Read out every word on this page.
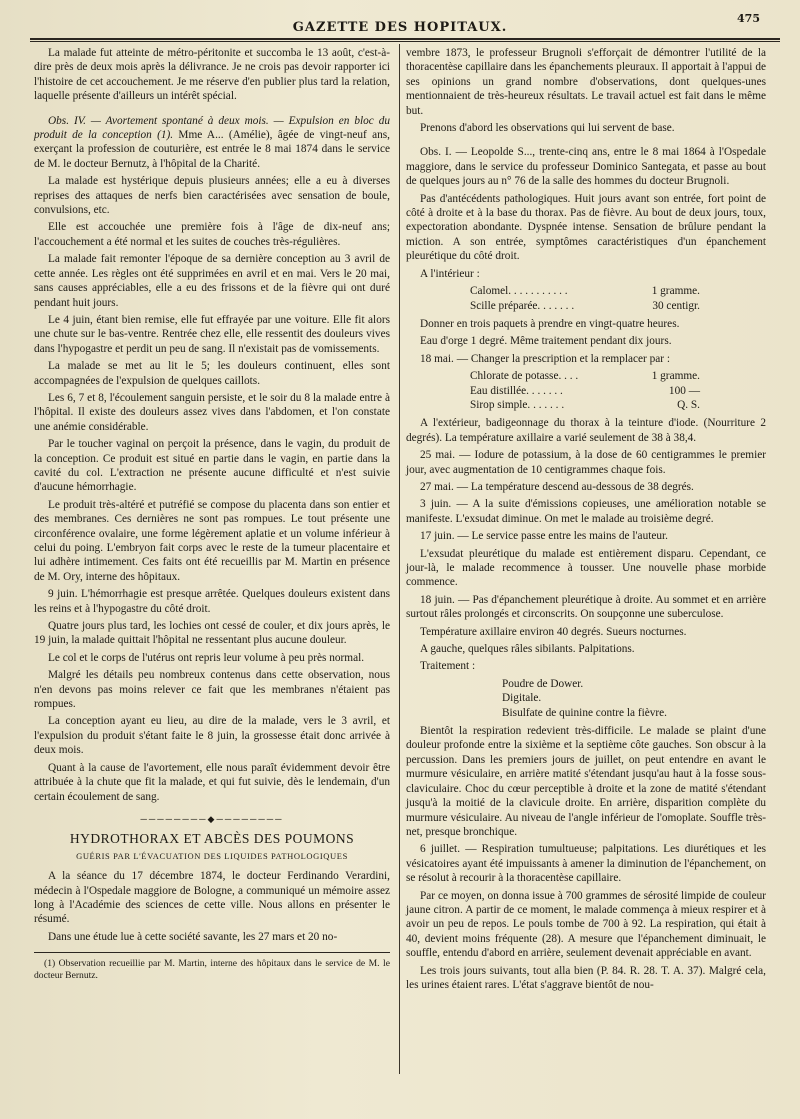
GAZETTE DES HOPITAUX.
475

La malade fut atteinte de métro-péritonite et succomba le 13 août, c'est-à-dire près de deux mois après la délivrance. Je ne crois pas devoir rapporter ici l'histoire de cet accouchement. Je me réserve d'en publier plus tard la relation, laquelle présente d'ailleurs un intérêt spécial.

Obs. IV. — Avortement spontané à deux mois. — Expulsion en bloc du produit de la conception (1). Mme A... (Amélie), âgée de vingt-neuf ans, exerçant la profession de couturière, est entrée le 8 mai 1874 dans le service de M. le docteur Bernutz, à l'hôpital de la Charité.

La malade est hystérique depuis plusieurs années; elle a eu à diverses reprises des attaques de nerfs bien caractérisées avec sensation de boule, convulsions, etc.

Elle est accouchée une première fois à l'âge de dix-neuf ans; l'accouchement a été normal et les suites de couches très-régulières.

La malade fait remonter l'époque de sa dernière conception au 3 avril de cette année. Les règles ont été supprimées en avril et en mai. Vers le 20 mai, sans causes appréciables, elle a eu des frissons et de la fièvre qui ont duré pendant huit jours.

Le 4 juin, étant bien remise, elle fut effrayée par une voiture. Elle fit alors une chute sur le bas-ventre. Rentrée chez elle, elle ressentit des douleurs vives dans l'hypogastre et perdit un peu de sang. Il n'existait pas de vomissements.

La malade se met au lit le 5; les douleurs continuent, elles sont accompagnées de l'expulsion de quelques caillots.

Les 6, 7 et 8, l'écoulement sanguin persiste, et le soir du 8 la malade entre à l'hôpital. Il existe des douleurs assez vives dans l'abdomen, et l'on constate une anémie considérable.

Par le toucher vaginal on perçoit la présence, dans le vagin, du produit de la conception. Ce produit est situé en partie dans le vagin, en partie dans la cavité du col. L'extraction ne présente aucune difficulté et n'est suivie d'aucune hémorrhagie.

Le produit très-altéré et putréfié se compose du placenta dans son entier et des membranes. Ces dernières ne sont pas rompues. Le tout présente une circonférence ovalaire, une forme légèrement aplatie et un volume inférieur à celui du poing. L'embryon fait corps avec le reste de la tumeur placentaire et lui adhère intimement. Ces faits ont été recueillis par M. Martin en présence de M. Ory, interne des hôpitaux.

9 juin. L'hémorrhagie est presque arrêtée. Quelques douleurs existent dans les reins et à l'hypogastre du côté droit.

Quatre jours plus tard, les lochies ont cessé de couler, et dix jours après, le 19 juin, la malade quittait l'hôpital ne ressentant plus aucune douleur.

Le col et le corps de l'utérus ont repris leur volume à peu près normal.

Malgré les détails peu nombreux contenus dans cette observation, nous n'en devons pas moins relever ce fait que les membranes n'étaient pas rompues.

La conception ayant eu lieu, au dire de la malade, vers le 3 avril, et l'expulsion du produit s'étant faite le 8 juin, la grossesse était donc arrivée à deux mois.

Quant à la cause de l'avortement, elle nous paraît évidemment devoir être attribuée à la chute que fit la malade, et qui fut suivie, dès le lendemain, d'un certain écoulement de sang.

────────◆────────
HYDROTHORAX ET ABCÈS DES POUMONS
GUÉRIS PAR L'ÉVACUATION DES LIQUIDES PATHOLOGIQUES

A la séance du 17 décembre 1874, le docteur Ferdinando Verardini, médecin à l'Ospedale maggiore de Bologne, a communiqué un mémoire assez long à l'Académie des sciences de cette ville. Nous allons en présenter le résumé.

Dans une étude lue à cette société savante, les 27 mars et 20 no-

(1) Observation recueillie par M. Martin, interne des hôpitaux dans le service de M. le docteur Bernutz.

vembre 1873, le professeur Brugnoli s'efforçait de démontrer l'utilité de la thoracentèse capillaire dans les épanchements pleuraux. Il apportait à l'appui de ses opinions un grand nombre d'observations, dont quelques-unes mentionnaient de très-heureux résultats. Le travail actuel est fait dans le même but.

Prenons d'abord les observations qui lui servent de base.

Obs. I. — Leopolde S..., trente-cinq ans, entre le 8 mai 1864 à l'Ospedale maggiore, dans le service du professeur Dominico Santegata, et passe au bout de quelques jours au n° 76 de la salle des hommes du docteur Brugnoli.

Pas d'antécédents pathologiques. Huit jours avant son entrée, fort point de côté à droite et à la base du thorax. Pas de fièvre. Au bout de deux jours, toux, expectoration abondante. Dyspnée intense. Sensation de brûlure pendant la miction. A son entrée, symptômes caractéristiques d'un épanchement pleurétique du côté droit.

A l'intérieur :

Calomel. . . . . . . . . . .	1 gramme.
Scille préparée. . . . . . .	30 centigr.

Donner en trois paquets à prendre en vingt-quatre heures.

Eau d'orge 1 degré. Même traitement pendant dix jours.

18 mai. — Changer la prescription et la remplacer par :

Chlorate de potasse. . . .	1 gramme.
Eau distillée. . . . . . .	100 —
Sirop simple. . . . . . .	Q. S.

A l'extérieur, badigeonnage du thorax à la teinture d'iode. (Nourriture 2 degrés). La température axillaire a varié seulement de 38 à 38,4.

25 mai. — Iodure de potassium, à la dose de 60 centigrammes le premier jour, avec augmentation de 10 centigrammes chaque fois.

27 mai. — La température descend au-dessous de 38 degrés.

3 juin. — A la suite d'émissions copieuses, une amélioration notable se manifeste. L'exsudat diminue. On met le malade au troisième degré.

17 juin. — Le service passe entre les mains de l'auteur.

L'exsudat pleurétique du malade est entièrement disparu. Cependant, ce jour-là, le malade recommence à tousser. Une nouvelle phase morbide commence.

18 juin. — Pas d'épanchement pleurétique à droite. Au sommet et en arrière surtout râles prolongés et circonscrits. On soupçonne une suberculose.

Température axillaire environ 40 degrés. Sueurs nocturnes.

A gauche, quelques râles sibilants. Palpitations.

Traitement :

Poudre de Dower.
Digitale.
Bisulfate de quinine contre la fièvre.

Bientôt la respiration redevient très-difficile. Le malade se plaint d'une douleur profonde entre la sixième et la septième côte gauches. Son obscur à la percussion. Dans les premiers jours de juillet, on peut entendre en avant le murmure vésiculaire, en arrière matité s'étendant jusqu'au haut à la fosse sous-claviculaire. Choc du cœur perceptible à droite et la zone de matité s'étendant jusqu'à la moitié de la clavicule droite. En arrière, disparition complète du murmure vésiculaire. Au niveau de l'angle inférieur de l'omoplate. Souffle très-net, presque bronchique.

6 juillet. — Respiration tumultueuse; palpitations. Les diurétiques et les vésicatoires ayant été impuissants à amener la diminution de l'épanchement, on se résolut à recourir à la thoracentèse capillaire.

Par ce moyen, on donna issue à 700 grammes de sérosité limpide de couleur jaune citron. A partir de ce moment, le malade commença à mieux respirer et à avoir un peu de repos. Le pouls tombe de 700 à 92. La respiration, qui était à 40, devient moins fréquente (28). A mesure que l'épanchement diminuait, le souffle, entendu d'abord en arrière, seulement devenait appréciable en avant.

Les trois jours suivants, tout alla bien (P. 84. R. 28. T. A. 37). Malgré cela, les urines étaient rares. L'état s'aggrave bientôt de nou-
